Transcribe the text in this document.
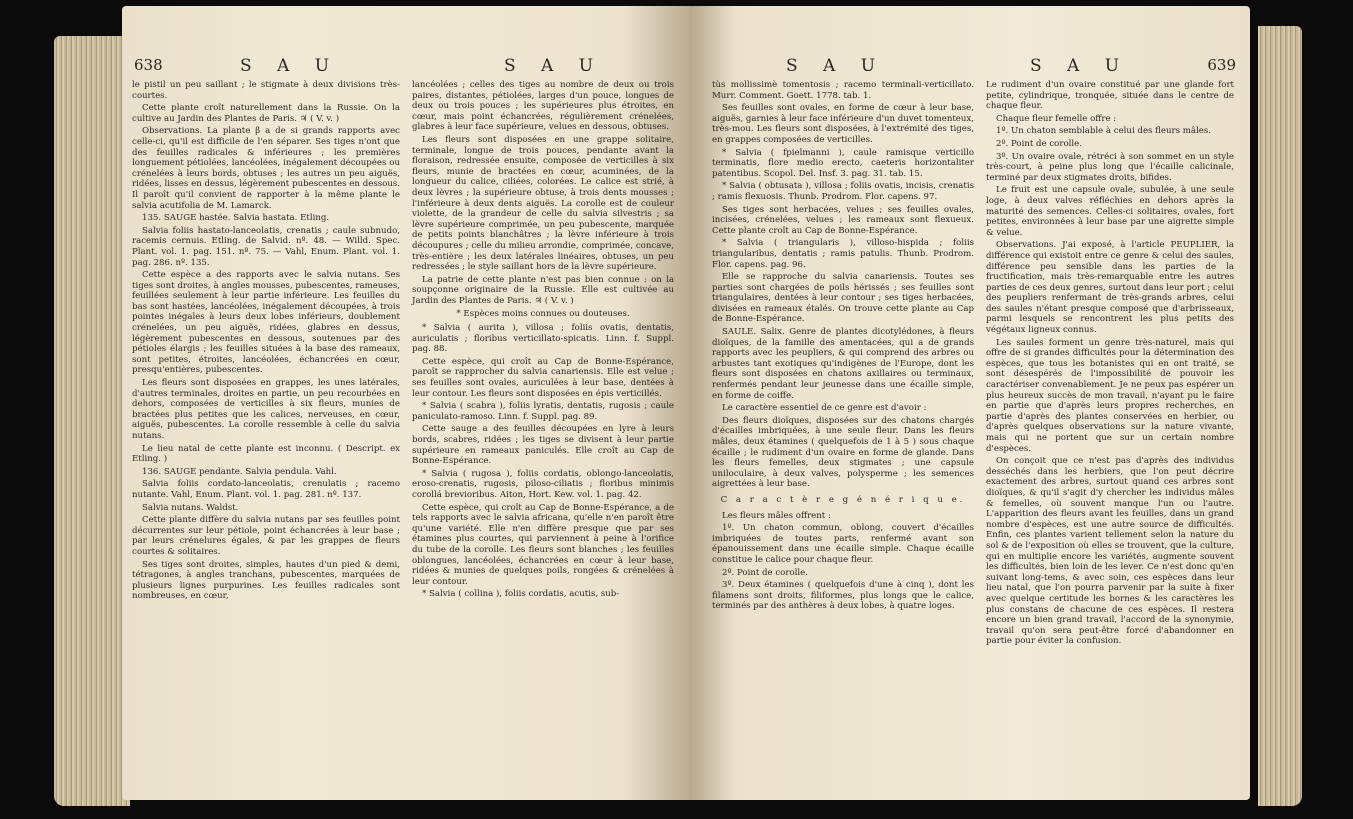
638	S A U	S A U

le pistil un peu saillant ; le stigmate à deux divisions très-courtes.

Cette plante croît naturellement dans la Russie. On la cultive au Jardin des Plantes de Paris. ♃ ( V. v. )

Observations. La plante β a de si grands rapports avec celle-ci, qu'il est difficile de l'en séparer. Ses tiges n'ont que des feuilles radicales & inférieures ; les premières longuement pétiolées, lancéolées, inégalement découpées ou crénelées à leurs bords, obtuses ; les autres un peu aiguës, ridées, lisses en dessus, légèrement pubescentes en dessous. Il paroît qu'il convient de rapporter à la même plante le salvia acutifolia de M. Lamarck.

135. SAUGE hastée. Salvia hastata. Etling.

Salvia foliis hastato-lanceolatis, crenatis ; caule subnudo, racemis cernuis. Etling. de Salvid. nº. 48. — Willd. Spec. Plant. vol. 1. pag. 151. nº. 75. — Vahl, Enum. Plant. vol. 1. pag. 286. nº. 135.

Cette espèce a des rapports avec le salvia nutans. Ses tiges sont droites, à angles mousses, pubescentes, rameuses, feuillées seulement à leur partie inférieure. Les feuilles du bas sont hastées, lancéolées, inégalement découpées, à trois pointes inégales à leurs deux lobes inférieurs, doublement crénelées, un peu aiguës, ridées, glabres en dessus, légèrement pubescentes en dessous, soutenues par des pétioles élargis ; les feuilles situées à la base des rameaux, sont petites, étroites, lancéolées, échancrées en cœur, presqu'entières, pubescentes.

Les fleurs sont disposées en grappes, les unes latérales, d'autres terminales, droites en partie, un peu recourbées en dehors, composées de verticilles à six fleurs, munies de bractées plus petites que les calices, nerveuses, en cœur, aiguës, pubescentes. La corolle ressemble à celle du salvia nutans.

Le lieu natal de cette plante est inconnu. ( Descript. ex Etling. )

136. SAUGE pendante. Salvia pendula. Vahl.

Salvia foliis cordato-lanceolatis, crenulatis ; racemo nutante. Vahl, Enum. Plant. vol. 1. pag. 281. nº. 137.

Salvia nutans. Waldst.

Cette plante diffère du salvia nutans par ses feuilles point décurrentes sur leur pétiole, point échancrées à leur base ; par leurs crénelures égales, & par les grappes de fleurs courtes & solitaires.

Ses tiges sont droites, simples, hautes d'un pied & demi, tétragones, à angles tranchans, pubescentes, marquées de plusieurs lignes purpurines. Les feuilles radicales sont nombreuses, en cœur,

lancéolées ; celles des tiges au nombre de deux ou trois paires, distantes, pétiolées, larges d'un pouce, longues de deux ou trois pouces ; les supérieures plus étroites, en cœur, mais point échancrées, régulièrement crénelées, glabres à leur face supérieure, velues en dessous, obtuses.

Les fleurs sont disposées en une grappe solitaire, terminale, longue de trois pouces, pendante avant la floraison, redressée ensuite, composée de verticilles à six fleurs, munie de bractées en cœur, acuminées, de la longueur du calice, ciliées, colorées. Le calice est strié, à deux lèvres ; la supérieure obtuse, à trois dents mousses ; l'inférieure à deux dents aiguës. La corolle est de couleur violette, de la grandeur de celle du salvia silvestris ; sa lèvre supérieure comprimée, un peu pubescente, marquée de petits points blanchâtres ; la lèvre inférieure à trois découpures ; celle du milieu arrondie, comprimée, concave, très-entière ; les deux latérales linéaires, obtuses, un peu redressées ; le style saillant hors de la lèvre supérieure.

La patrie de cette plante n'est pas bien connue : on la soupçonne originaire de la Russie. Elle est cultivée au Jardin des Plantes de Paris. ♃ ( V. v. )

* Espèces moins connues ou douteuses.

* Salvia ( aurita ), villosa ; foliis ovatis, dentatis, auriculatis ; floribus verticillato-spicatis. Linn. f. Suppl. pag. 88.

Cette espèce, qui croît au Cap de Bonne-Espérance, paroît se rapprocher du salvia canariensis. Elle est velue ; ses feuilles sont ovales, auriculées à leur base, dentées à leur contour. Les fleurs sont disposées en épis verticillés.

* Salvia ( scabra ), foliis lyratis, dentatis, rugosis ; caule paniculato-ramoso. Linn. f. Suppl. pag. 89.

Cette sauge a des feuilles découpées en lyre à leurs bords, scabres, ridées ; les tiges se divisent à leur partie supérieure en rameaux paniculés. Elle croît au Cap de Bonne-Espérance.

* Salvia ( rugosa ), foliis cordatis, oblongo-lanceolatis, eroso-crenatis, rugosis, piloso-ciliatis ; floribus minimis corollá brevioribus. Aiton, Hort. Kew. vol. 1. pag. 42.

Cette espèce, qui croît au Cap de Bonne-Espérance, a de tels rapports avec le salvia africana, qu'elle n'en paroît être qu'une variété. Elle n'en diffère presque que par ses étamines plus courtes, qui parviennent à peine à l'orifice du tube de la corolle. Les fleurs sont blanches ; les feuilles oblongues, lancéolées, échancrées en cœur à leur base, ridées & munies de quelques poils, rongées & crénelées à leur contour.

* Salvia ( collina ), foliis cordatis, acutis, sub-

S A U	S A U	639

tùs mollissimè tomentosis ; racemo terminali-verticillato. Murr. Comment. Goett. 1778. tab. 1.

Ses feuilles sont ovales, en forme de cœur à leur base, aiguës, garnies à leur face inférieure d'un duvet tomenteux, très-mou. Les fleurs sont disposées, à l'extrémité des tiges, en grappes composées de verticilles.

* Salvia ( fpielmanni ), caule ramisque verticillo terminatis, flore medio erecto, caeteris horizontaliter patentibus. Scopol. Del. Insf. 3. pag. 31. tab. 15.

* Salvia ( obtusata ), villosa ; foliis ovatis, incisis, crenatis ; ramis flexuosis. Thunb. Prodrom. Flor. capens. 97.

Ses tiges sont herbacées, velues ; ses feuilles ovales, incisées, crénelées, velues ; les rameaux sont flexueux. Cette plante croît au Cap de Bonne-Espérance.

* Salvia ( triangularis ), villoso-hispida ; foliis triangularibus, dentatis ; ramis patulis. Thunb. Prodrom. Flor. capens. pag. 96.

Elle se rapproche du salvia canariensis. Toutes ses parties sont chargées de poils hérissés ; ses feuilles sont triangulaires, dentées à leur contour ; ses tiges herbacées, divisées en rameaux étalés. On trouve cette plante au Cap de Bonne-Espérance.

SAULE. Salix. Genre de plantes dicotylédones, à fleurs dioïques, de la famille des amentacées, qui a de grands rapports avec les peupliers, & qui comprend des arbres ou arbustes tant exotiques qu'indigènes de l'Europe, dont les fleurs sont disposées en chatons axillaires ou terminaux, renfermés pendant leur jeunesse dans une écaille simple, en forme de coiffe.

Le caractère essentiel de ce genre est d'avoir :

Des fleurs dioïques, disposées sur des chatons chargés d'écailles imbriquées, à une seule fleur. Dans les fleurs mâles, deux étamines ( quelquefois de 1 à 5 ) sous chaque écaille ; le rudiment d'un ovaire en forme de glande. Dans les fleurs femelles, deux stigmates ; une capsule uniloculaire, à deux valves, polysperme ; les semences aigrettées à leur base.

C a r a c t è r e g é n é r i q u e.

Les fleurs mâles offrent :

1º. Un chaton commun, oblong, couvert d'écailles imbriquées de toutes parts, renfermé avant son épanouissement dans une écaille simple. Chaque écaille constitue le calice pour chaque fleur.

2º. Point de corolle.

3º. Deux étamines ( quelquefois d'une à cinq ), dont les filamens sont droits, filiformes, plus longs que le calice, terminés par des anthères à deux lobes, à quatre loges.

Le rudiment d'un ovaire constitué par une glande fort petite, cylindrique, tronquée, située dans le centre de chaque fleur.

Chaque fleur femelle offre :

1º. Un chaton semblable à celui des fleurs mâles.

2º. Point de corolle.

3º. Un ovaire ovale, rétréci à son sommet en un style très-court, à peine plus long que l'écaille calicinale, terminé par deux stigmates droits, bifides.

Le fruit est une capsule ovale, subulée, à une seule loge, à deux valves réfléchies en dehors après la maturité des semences. Celles-ci solitaires, ovales, fort petites, environnées à leur base par une aigrette simple & velue.

Observations. J'ai exposé, à l'article PEUPLIER, la différence qui existoit entre ce genre & celui des saules, différence peu sensible dans les parties de la fructification, mais très-remarquable entre les autres parties de ces deux genres, surtout dans leur port ; celui des peupliers renfermant de très-grands arbres, celui des saules n'étant presque composé que d'arbrisseaux, parmi lesquels se rencontrent les plus petits des végétaux ligneux connus.

Les saules forment un genre très-naturel, mais qui offre de si grandes difficultés pour la détermination des espèces, que tous les botanistes qui en ont traité, se sont désespérés de l'impossibilité de pouvoir les caractériser convenablement. Je ne peux pas espérer un plus heureux succès de mon travail, n'ayant pu le faire en partie que d'après leurs propres recherches, en partie d'après des plantes conservées en herbier, ou d'après quelques observations sur la nature vivante, mais qui ne portent que sur un certain nombre d'espèces.

On conçoit que ce n'est pas d'après des individus desséchés dans les herbiers, que l'on peut décrire exactement des arbres, surtout quand ces arbres sont dioïques, & qu'il s'agit d'y chercher les individus mâles & femelles, où souvent manque l'un ou l'autre. L'apparition des fleurs avant les feuilles, dans un grand nombre d'espèces, est une autre source de difficultés. Enfin, ces plantes varient tellement selon la nature du sol & de l'exposition où elles se trouvent, que la culture, qui en multiplie encore les variétés, augmente souvent les difficultés, bien loin de les lever. Ce n'est donc qu'en suivant long-tems, & avec soin, ces espèces dans leur lieu natal, que l'on pourra parvenir par la suite à fixer avec quelque certitude les bornes & les caractères les plus constans de chacune de ces espèces. Il restera encore un bien grand travail, l'accord de la synonymie, travail qu'on sera peut-être forcé d'abandonner en partie pour éviter la confusion.
